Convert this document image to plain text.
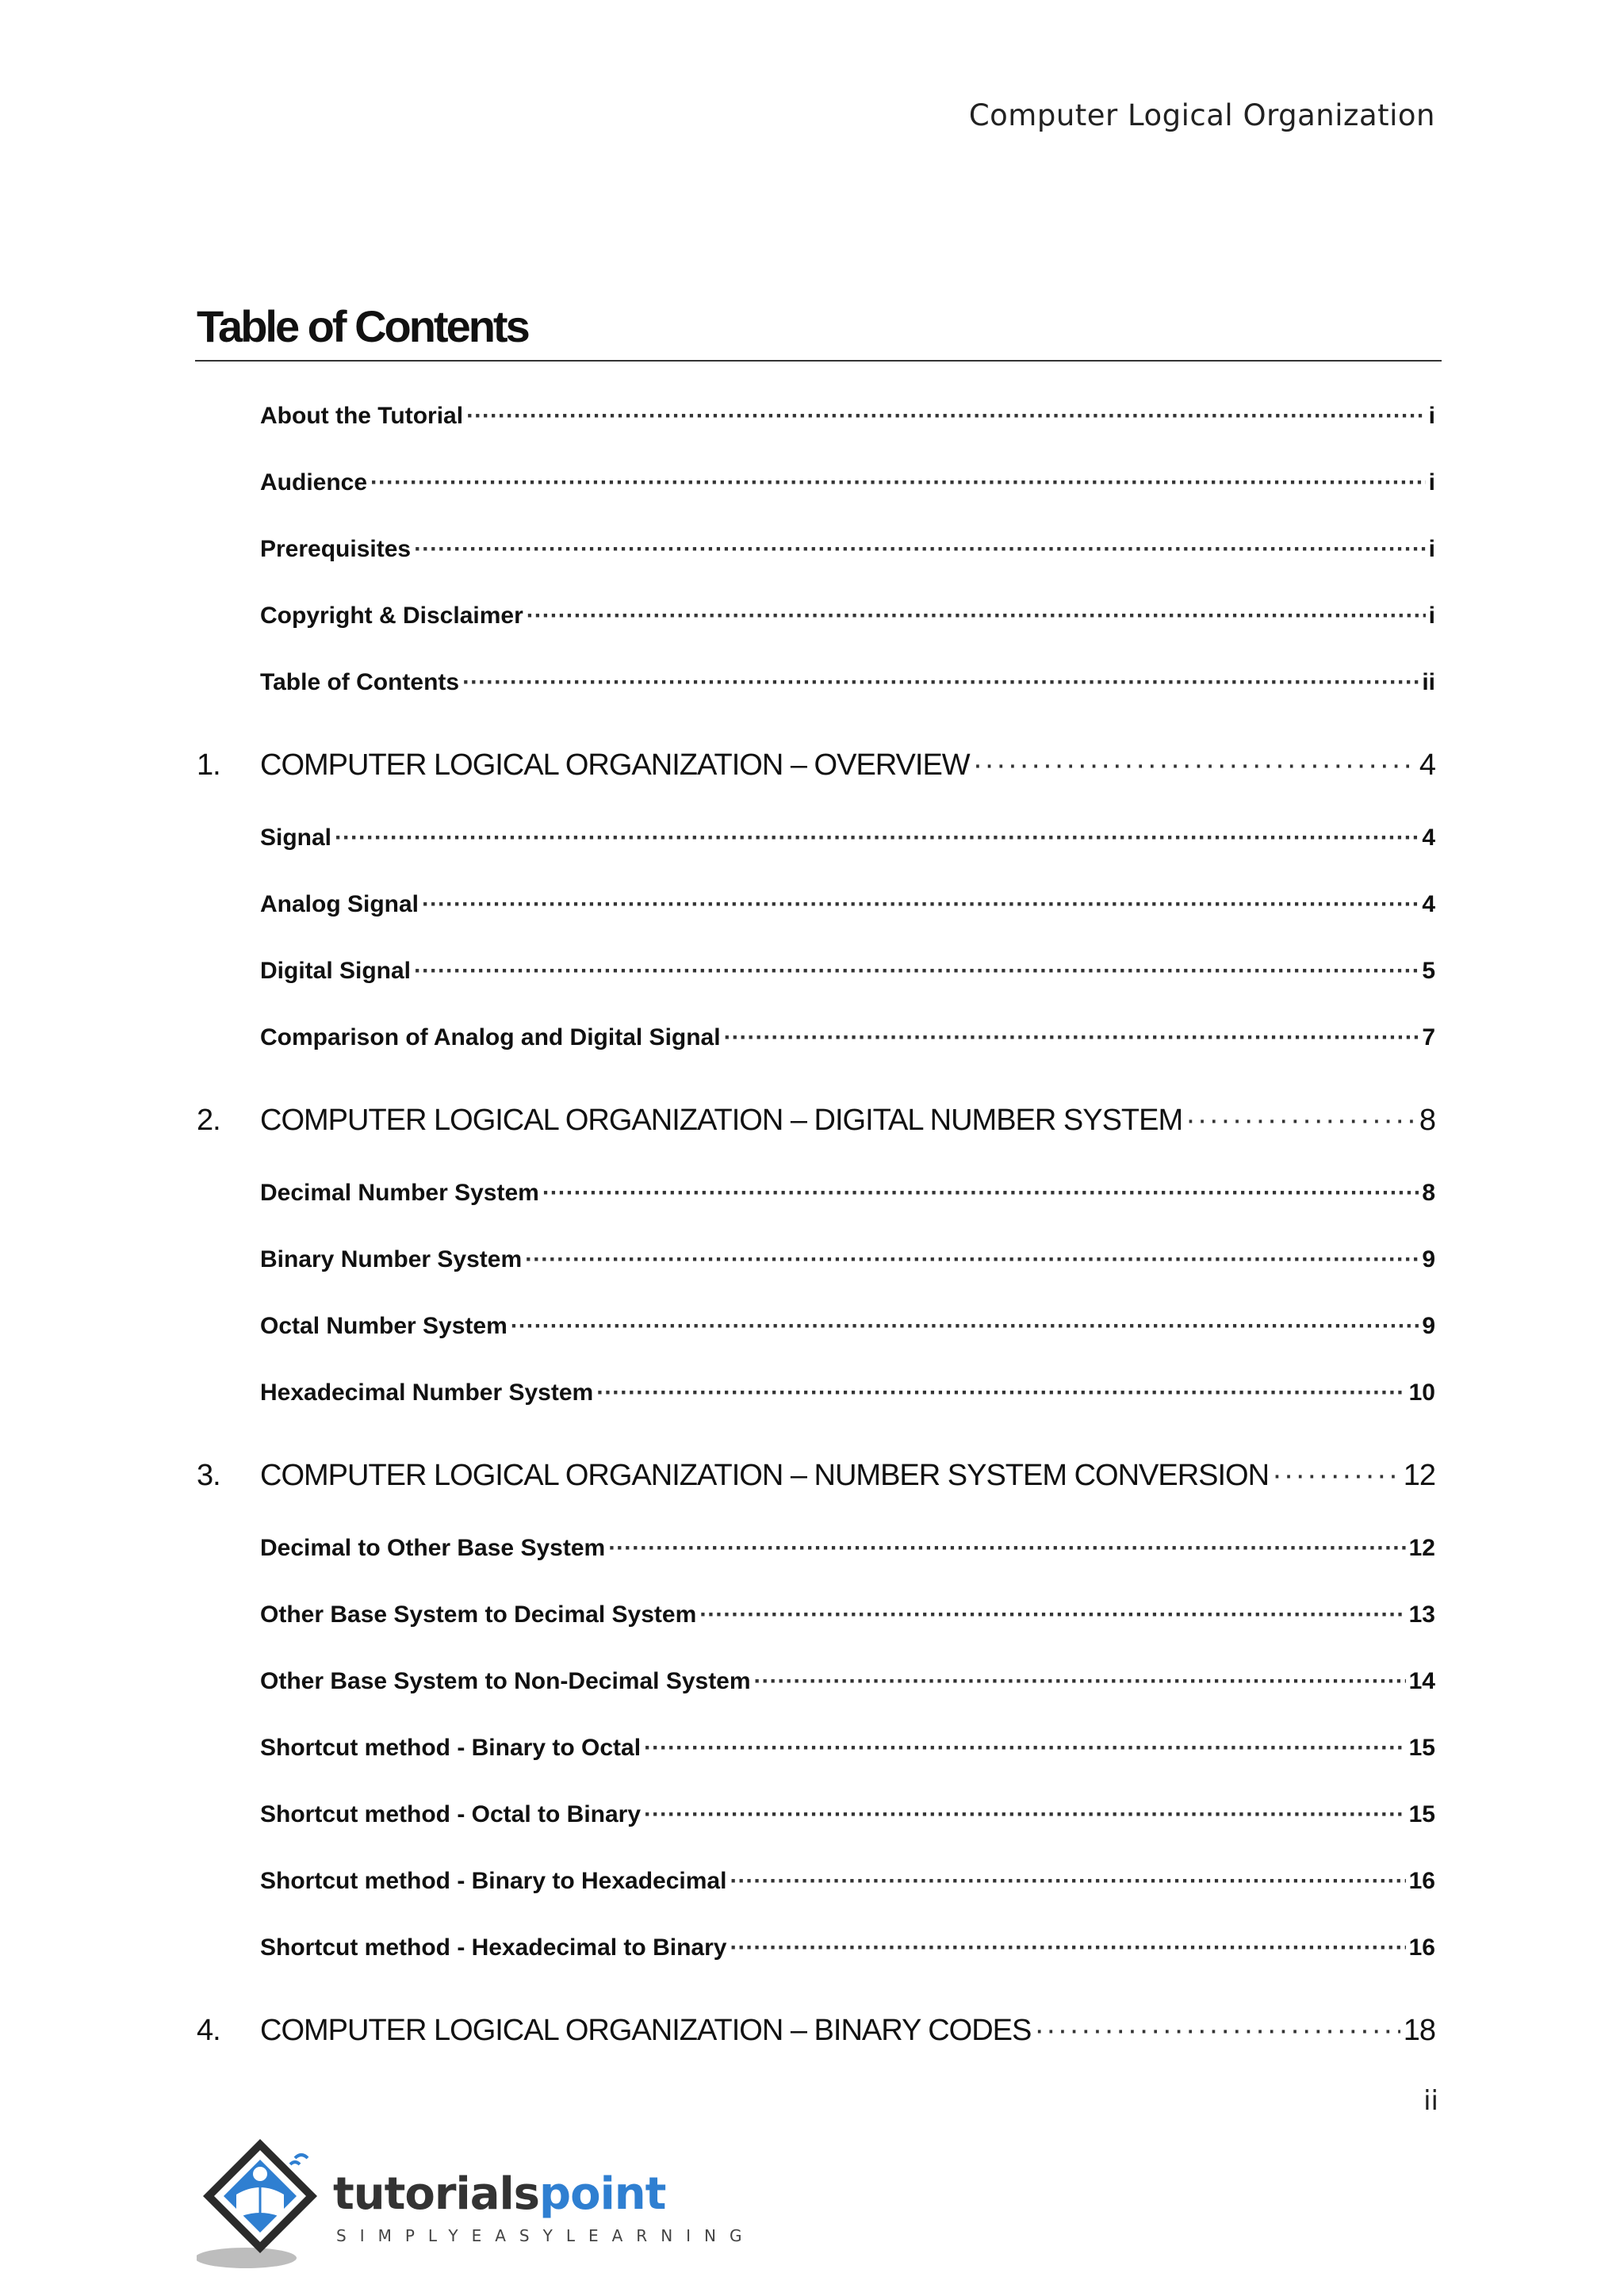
Computer Logical Organization
Table of Contents
About the Tutorial ·····	i
Audience ·····	i
Prerequisites ·····	i
Copyright & Disclaimer ·····	i
Table of Contents ·····	ii
1.	COMPUTER LOGICAL ORGANIZATION – OVERVIEW ·····	4
Signal ·····	4
Analog Signal ·····	4
Digital Signal ·····	5
Comparison of Analog and Digital Signal ·····	7
2.	COMPUTER LOGICAL ORGANIZATION – DIGITAL NUMBER SYSTEM ·····	8
Decimal Number System ·····	8
Binary Number System ·····	9
Octal Number System ·····	9
Hexadecimal Number System ·····	10
3.	COMPUTER LOGICAL ORGANIZATION – NUMBER SYSTEM CONVERSION ·····	12
Decimal to Other Base System ·····	12
Other Base System to Decimal System ·····	13
Other Base System to Non-Decimal System ·····	14
Shortcut method - Binary to Octal ·····	15
Shortcut method - Octal to Binary ·····	15
Shortcut method - Binary to Hexadecimal ·····	16
Shortcut method - Hexadecimal to Binary ·····	16
4.	COMPUTER LOGICAL ORGANIZATION – BINARY CODES ·····	18
ii
tutorialspoint
SIMPLYEASYLEARNING
